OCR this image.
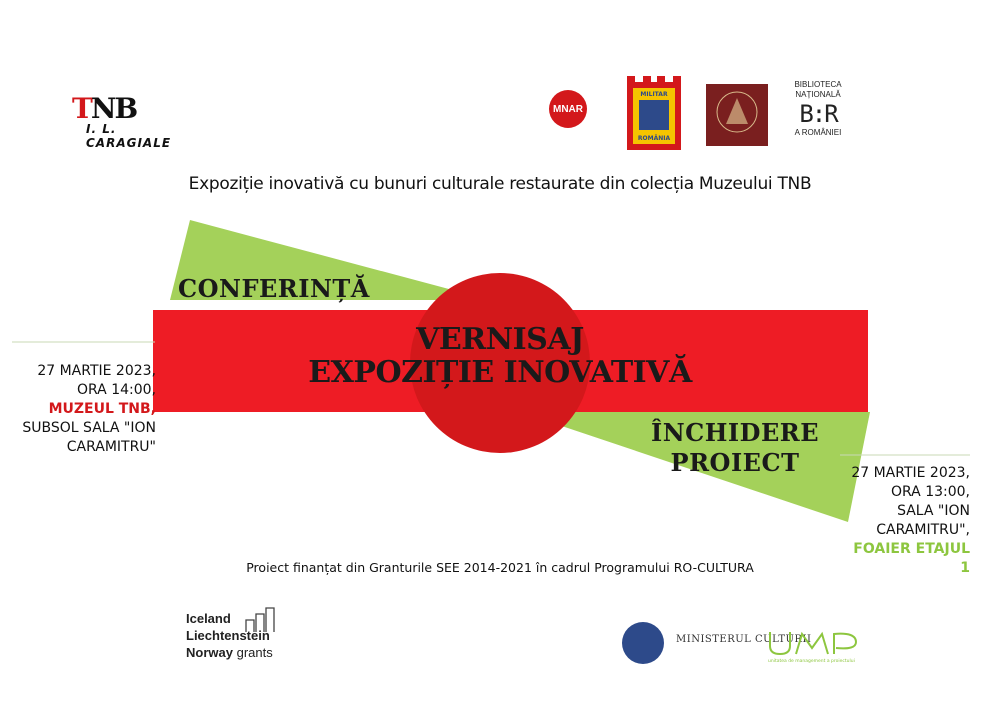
TNB
I. L. CARAGIALE
MNAR
MILITAR
ROMÂNIA
BIBLIOTECA
NAȚIONALĂ
B:R
A ROMÂNIEI
Expoziție inovativă cu bunuri culturale restaurate din colecția Muzeului TNB
CONFERINȚĂ
VERNISAJ
EXPOZIȚIE INOVATIVĂ
ÎNCHIDERE
PROIECT
27 MARTIE 2023,
ORA 14:00,
MUZEUL TNB,
SUBSOL SALA "ION
CARAMITRU"
27 MARTIE 2023,
ORA 13:00,
SALA "ION
CARAMITRU",
FOAIER ETAJUL 1
Proiect finanțat din Granturile SEE 2014-2021 în cadrul Programului RO-CULTURA
Iceland
Liechtenstein
Norway grants
MINISTERUL CULTURII
unitatea de management a proiectului
